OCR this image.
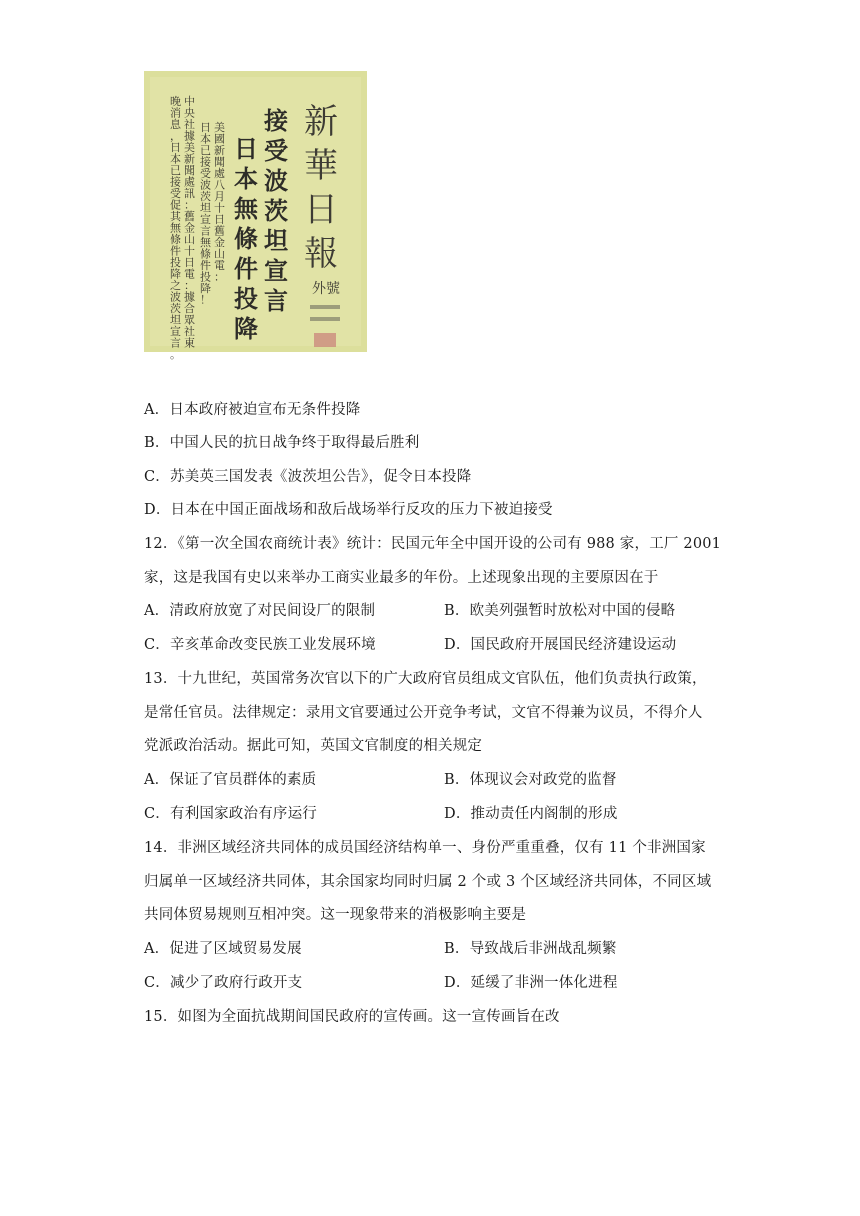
新
華
日
報
外號
接
受
波
茨
坦
宣
言
日
本
無
條
件
投
降
美
國
新
聞
處
八
月
十
日
舊
金
山
電
：
日
本
已
接
受
波
茨
坦
宣
言
無
條
件
投
降
！
中
央
社
據
美
新
聞
處
訊
：
舊
金
山
十
日
電
：
據
合
眾
社
東
晚
消
息
，
日
本
已
接
受
促
其
無
條
件
投
降
之
波
茨
坦
宣
言
。
A．日本政府被迫宣布无条件投降
B．中国人民的抗日战争终于取得最后胜利
C．苏美英三国发表《波茨坦公告》，促令日本投降
D．日本在中国正面战场和敌后战场举行反攻的压力下被迫接受
12．《第一次全国农商统计表》统计：民国元年全中国开设的公司有 988 家，工厂 2001
家，这是我国有史以来举办工商实业最多的年份。上述现象出现的主要原因在于
A．清政府放宽了对民间设厂的限制	B．欧美列强暂时放松对中国的侵略
C．辛亥革命改变民族工业发展环境	D．国民政府开展国民经济建设运动
13．十九世纪，英国常务次官以下的广大政府官员组成文官队伍，他们负责执行政策，
是常任官员。法律规定：录用文官要通过公开竞争考试，文官不得兼为议员，不得介人
党派政治活动。据此可知，英国文官制度的相关规定
A．保证了官员群体的素质	B．体现议会对政党的监督
C．有利国家政治有序运行	D．推动责任内阁制的形成
14．非洲区域经济共同体的成员国经济结构单一、身份严重重叠，仅有 11 个非洲国家
归属单一区域经济共同体，其余国家均同时归属 2 个或 3 个区域经济共同体，不同区域
共同体贸易规则互相冲突。这一现象带来的消极影响主要是
A．促进了区域贸易发展	B．导致战后非洲战乱频繁
C．减少了政府行政开支	D．延缓了非洲一体化进程
15．如图为全面抗战期间国民政府的宣传画。这一宣传画旨在改
